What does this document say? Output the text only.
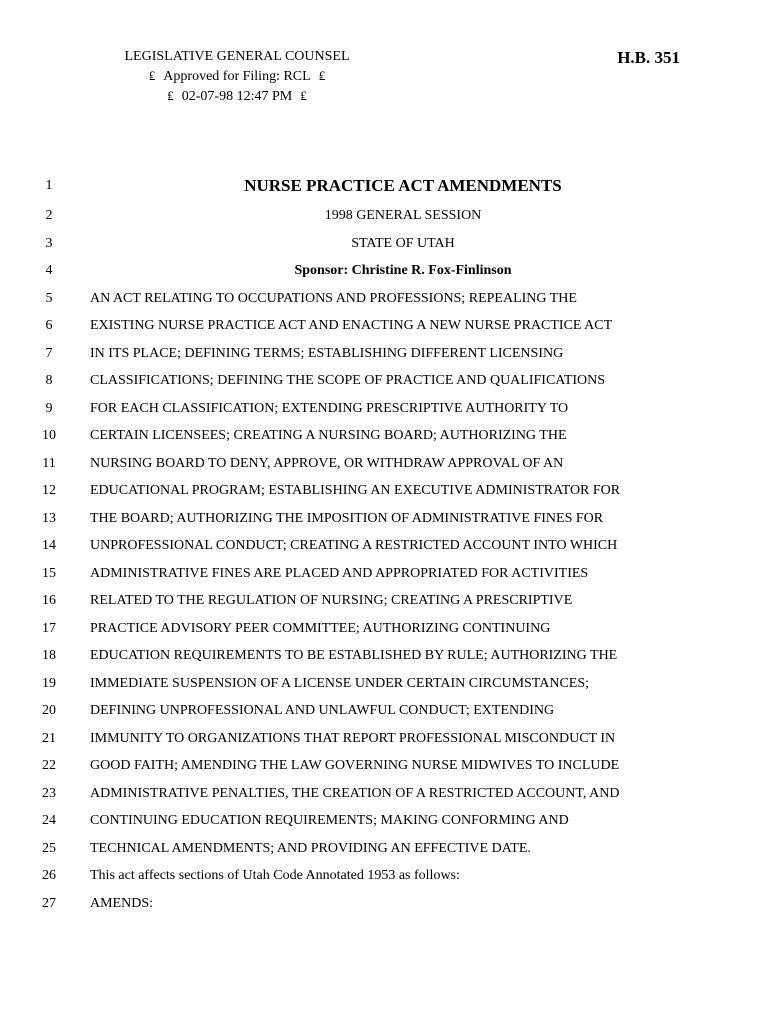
LEGISLATIVE GENERAL COUNSEL
₤ Approved for Filing: RCL ₤
₤ 02-07-98 12:47 PM ₤
H.B. 351
1	NURSE PRACTICE ACT AMENDMENTS
2	1998 GENERAL SESSION
3	STATE OF UTAH
4	Sponsor: Christine R. Fox-Finlinson
5	AN ACT RELATING TO OCCUPATIONS AND PROFESSIONS; REPEALING THE
6	EXISTING NURSE PRACTICE ACT AND ENACTING A NEW NURSE PRACTICE ACT
7	IN ITS PLACE; DEFINING TERMS; ESTABLISHING DIFFERENT LICENSING
8	CLASSIFICATIONS; DEFINING THE SCOPE OF PRACTICE AND QUALIFICATIONS
9	FOR EACH CLASSIFICATION; EXTENDING PRESCRIPTIVE AUTHORITY TO
10	CERTAIN LICENSEES; CREATING A NURSING BOARD; AUTHORIZING THE
11	NURSING BOARD TO DENY, APPROVE, OR WITHDRAW APPROVAL OF AN
12	EDUCATIONAL PROGRAM; ESTABLISHING AN EXECUTIVE ADMINISTRATOR FOR
13	THE BOARD; AUTHORIZING THE IMPOSITION OF ADMINISTRATIVE FINES FOR
14	UNPROFESSIONAL CONDUCT; CREATING A RESTRICTED ACCOUNT INTO WHICH
15	ADMINISTRATIVE FINES ARE PLACED AND APPROPRIATED FOR ACTIVITIES
16	RELATED TO THE REGULATION OF NURSING; CREATING A PRESCRIPTIVE
17	PRACTICE ADVISORY PEER COMMITTEE; AUTHORIZING CONTINUING
18	EDUCATION REQUIREMENTS TO BE ESTABLISHED BY RULE; AUTHORIZING THE
19	IMMEDIATE SUSPENSION OF A LICENSE UNDER CERTAIN CIRCUMSTANCES;
20	DEFINING UNPROFESSIONAL AND UNLAWFUL CONDUCT; EXTENDING
21	IMMUNITY TO ORGANIZATIONS THAT REPORT PROFESSIONAL MISCONDUCT IN
22	GOOD FAITH; AMENDING THE LAW GOVERNING NURSE MIDWIVES TO INCLUDE
23	ADMINISTRATIVE PENALTIES, THE CREATION OF A RESTRICTED ACCOUNT, AND
24	CONTINUING EDUCATION REQUIREMENTS; MAKING CONFORMING AND
25	TECHNICAL AMENDMENTS; AND PROVIDING AN EFFECTIVE DATE.
26	This act affects sections of Utah Code Annotated 1953 as follows:
27	AMENDS:
